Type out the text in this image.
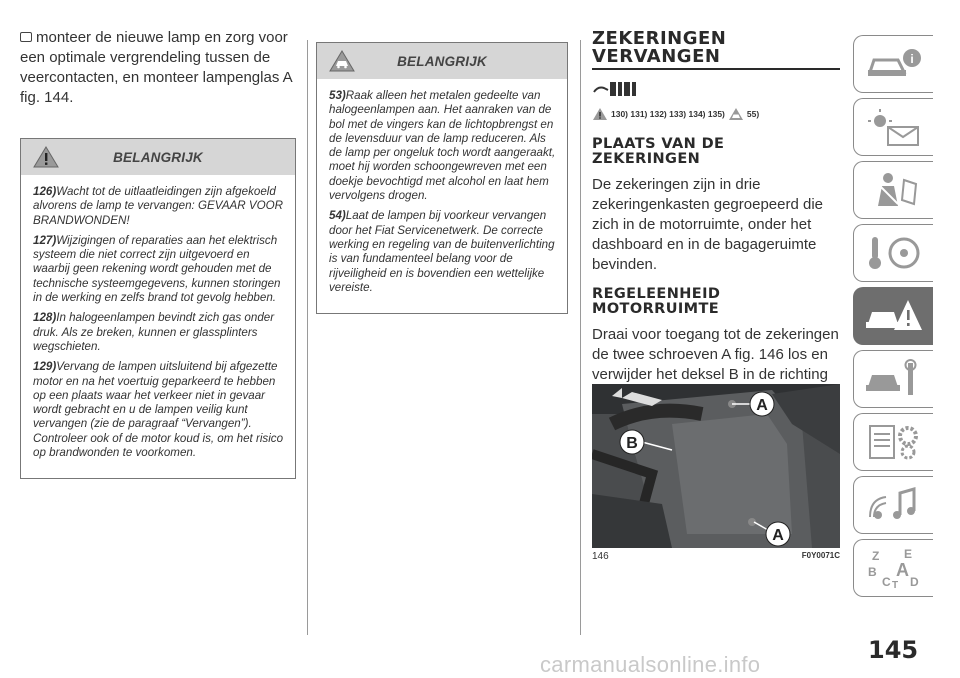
monteer de nieuwe lamp en zorg voor een optimale vergrendeling tussen de veercontacten, en monteer lampenglas A fig. 144.

BELANGRIJK

126)Wacht tot de uitlaatleidingen zijn afgekoeld alvorens de lamp te vervangen: GEVAAR VOOR BRANDWONDEN!

127)Wijzigingen of reparaties aan het elektrisch systeem die niet correct zijn uitgevoerd en waarbij geen rekening wordt gehouden met de technische systeemgegevens, kunnen storingen in de werking en zelfs brand tot gevolg hebben.

128)In halogeenlampen bevindt zich gas onder druk. Als ze breken, kunnen er glassplinters wegschieten.

129)Vervang de lampen uitsluitend bij afgezette motor en na het voertuig geparkeerd te hebben op een plaats waar het verkeer niet in gevaar wordt gebracht en u de lampen veilig kunt vervangen (zie de paragraaf “Vervangen”). Controleer ook of de motor koud is, om het risico op brandwonden te voorkomen.

BELANGRIJK

53)Raak alleen het metalen gedeelte van halogeenlampen aan. Het aanraken van de bol met de vingers kan de lichtopbrengst en de levensduur van de lamp reduceren. Als de lamp per ongeluk toch wordt aangeraakt, moet hij worden schoongewreven met een doekje bevochtigd met alcohol en laat hem vervolgens drogen.

54)Laat de lampen bij voorkeur vervangen door het Fiat Servicenetwerk. De correcte werking en regeling van de buitenverlichting is van fundamenteel belang voor de rijveiligheid en is bovendien een wettelijke vereiste.

ZEKERINGEN
VERVANGEN
130) 131) 132) 133) 134) 135)	55)
PLAATS VAN DE
ZEKERINGEN

De zekeringen zijn in drie zekeringenkasten gegroepeerd die zich in de motorruimte, onder het dashboard en in de bagageruimte bevinden.

REGELEENHEID
MOTORRUIMTE

Draai voor toegang tot de zekeringen de twee schroeven A fig. 146 los en verwijder het deksel B in de richting

A
B
A
146	F0Y0071C
i
Z E
B A
C T D
145
carmanualsonline.info
